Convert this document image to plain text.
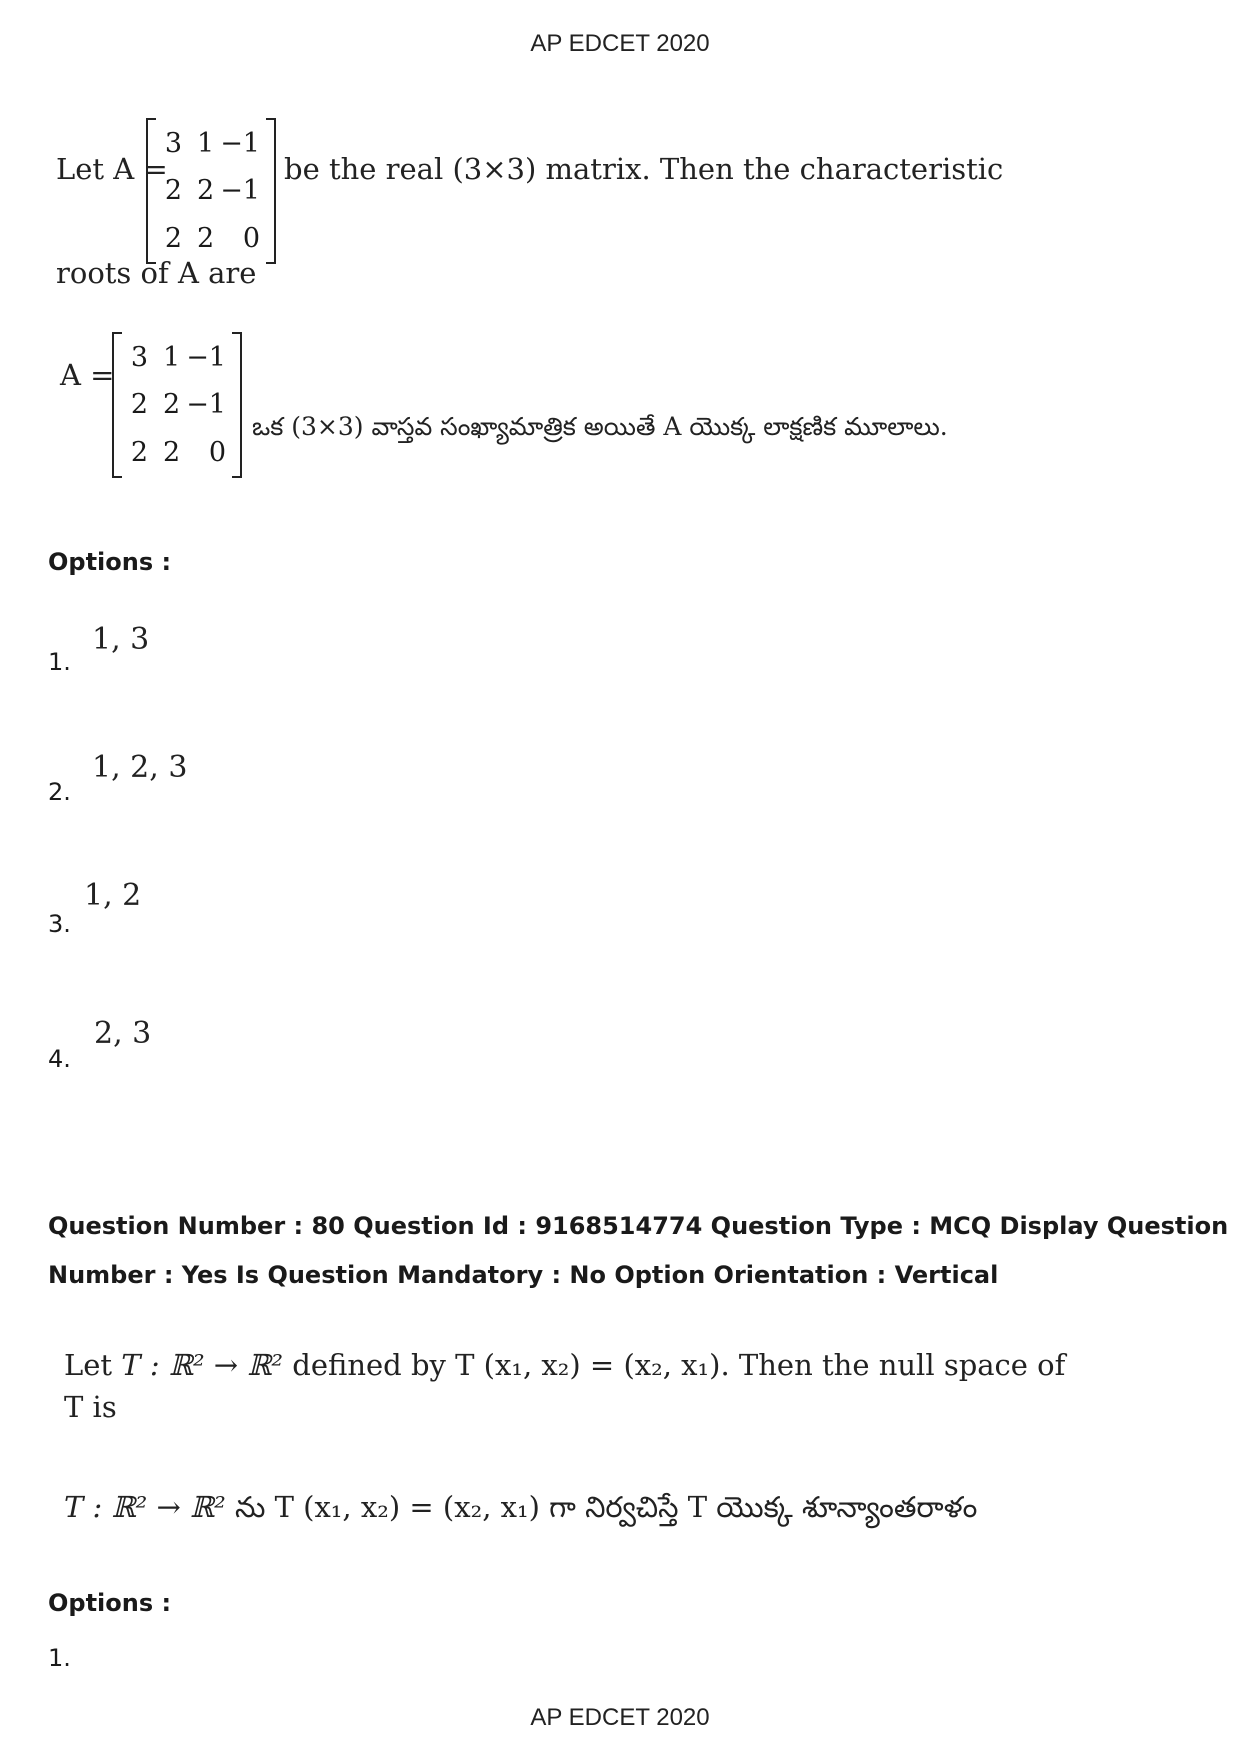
AP EDCET 2020
Let A =
3 1 −1
2 2 −1
2 2	0
be the real (3×3) matrix. Then the characteristic
roots of A are
A =
3 1 −1
2 2 −1
2 2	0
ఒక (3×3) వాస్తవ సంఖ్యామాత్రిక అయితే A యొక్క లాక్షణిక మూలాలు.
Options :
1.
1, 3
2.
1, 2, 3
3.
1, 2
4.
2, 3
Question Number : 80 Question Id : 9168514774 Question Type : MCQ Display Question
Number : Yes Is Question Mandatory : No Option Orientation : Vertical
Let T : ℝ² → ℝ² defined by T (x₁, x₂) = (x₂, x₁). Then the null space of
T is
T : ℝ² → ℝ² ను T (x₁, x₂) = (x₂, x₁) గా నిర్వచిస్తే T యొక్క శూన్యాంతరాళం
Options :
1.
AP EDCET 2020
